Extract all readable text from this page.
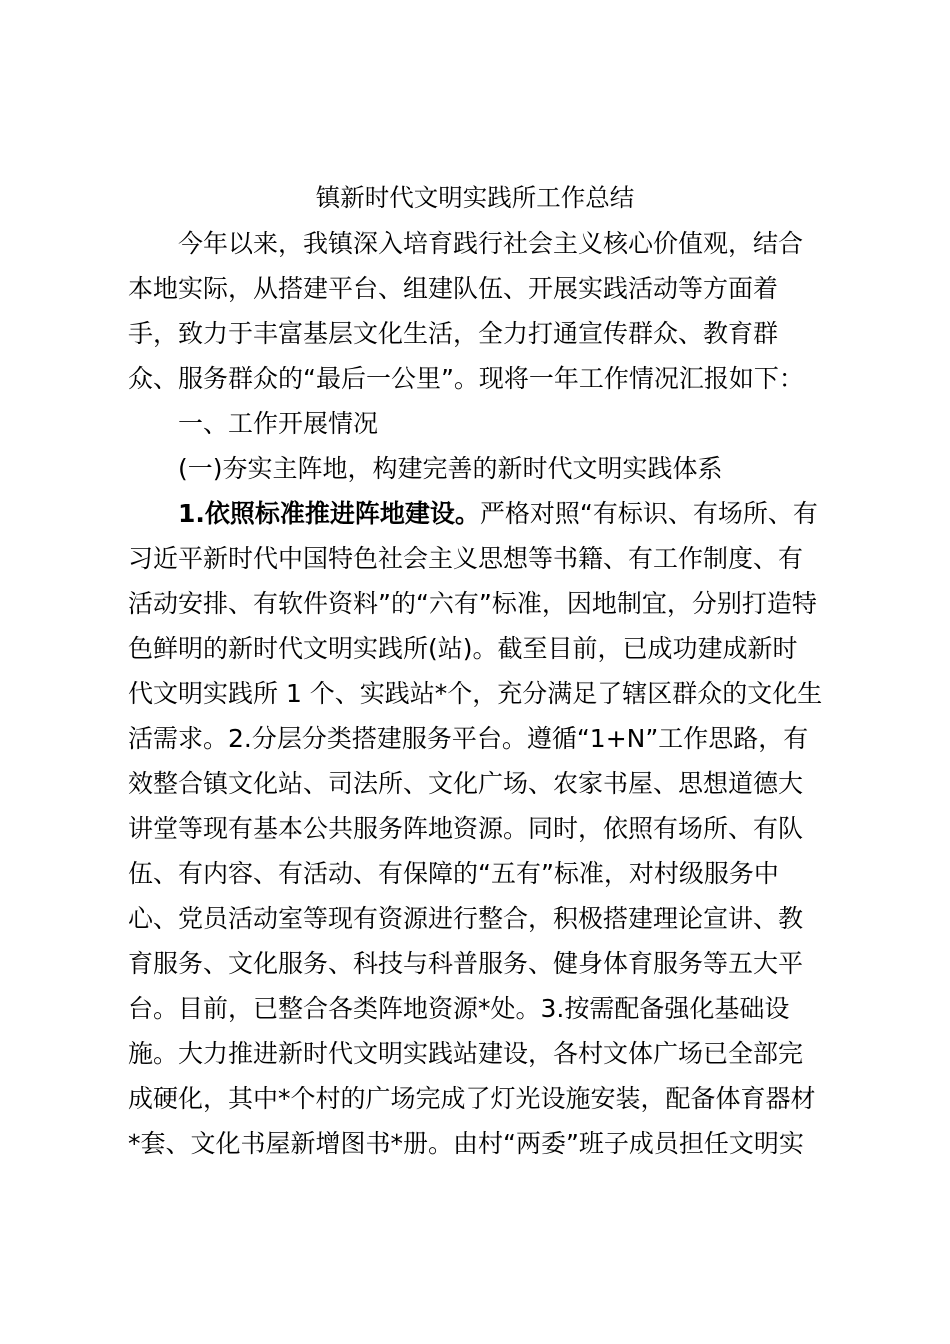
镇新时代文明实践所工作总结
今年以来，我镇深入培育践行社会主义核心价值观，结合
本地实际，从搭建平台、组建队伍、开展实践活动等方面着
手，致力于丰富基层文化生活，全力打通宣传群众、教育群
众、服务群众的“最后一公里”。现将一年工作情况汇报如下：
一、工作开展情况
(一)夯实主阵地，构建完善的新时代文明实践体系
1.依照标准推进阵地建设。严格对照“有标识、有场所、有
习近平新时代中国特色社会主义思想等书籍、有工作制度、有
活动安排、有软件资料”的“六有”标准，因地制宜，分别打造特
色鲜明的新时代文明实践所(站)。截至目前，已成功建成新时
代文明实践所 1 个、实践站*个，充分满足了辖区群众的文化生
活需求。2.分层分类搭建服务平台。遵循“1+N”工作思路，有
效整合镇文化站、司法所、文化广场、农家书屋、思想道德大
讲堂等现有基本公共服务阵地资源。同时，依照有场所、有队
伍、有内容、有活动、有保障的“五有”标准，对村级服务中
心、党员活动室等现有资源进行整合，积极搭建理论宣讲、教
育服务、文化服务、科技与科普服务、健身体育服务等五大平
台。目前，已整合各类阵地资源*处。3.按需配备强化基础设
施。大力推进新时代文明实践站建设，各村文体广场已全部完
成硬化，其中*个村的广场完成了灯光设施安装，配备体育器材
*套、文化书屋新增图书*册。由村“两委”班子成员担任文明实
